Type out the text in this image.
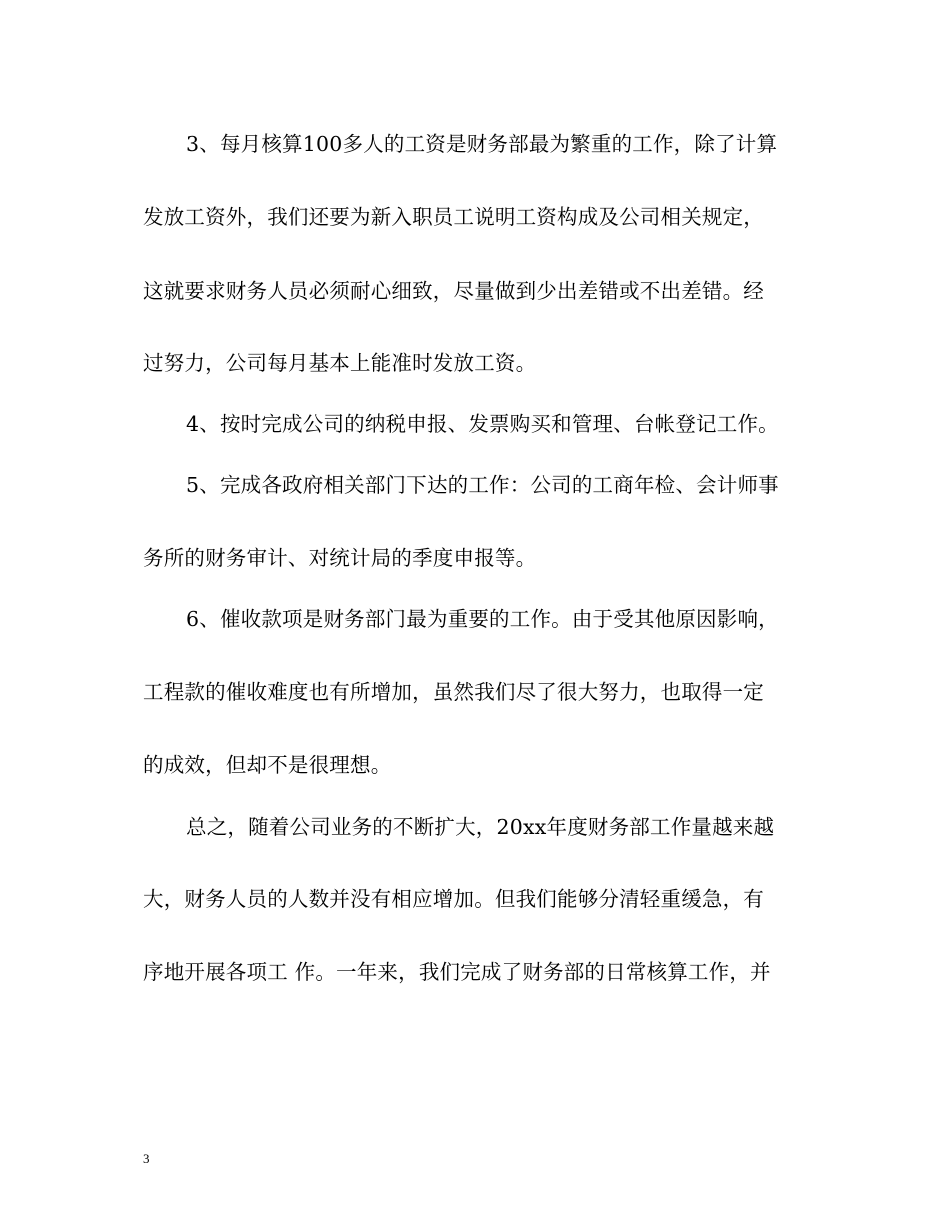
3、每月核算100多人的工资是财务部最为繁重的工作，除了计算
发放工资外，我们还要为新入职员工说明工资构成及公司相关规定，
这就要求财务人员必须耐心细致，尽量做到少出差错或不出差错。经
过努力，公司每月基本上能准时发放工资。
4、按时完成公司的纳税申报、发票购买和管理、台帐登记工作。
5、完成各政府相关部门下达的工作：公司的工商年检、会计师事
务所的财务审计、对统计局的季度申报等。
6、催收款项是财务部门最为重要的工作。由于受其他原因影响，
工程款的催收难度也有所增加，虽然我们尽了很大努力，也取得一定
的成效，但却不是很理想。
总之，随着公司业务的不断扩大，20xx年度财务部工作量越来越
大，财务人员的人数并没有相应增加。但我们能够分清轻重缓急，有
序地开展各项工 作。一年来，我们完成了财务部的日常核算工作，并
3
